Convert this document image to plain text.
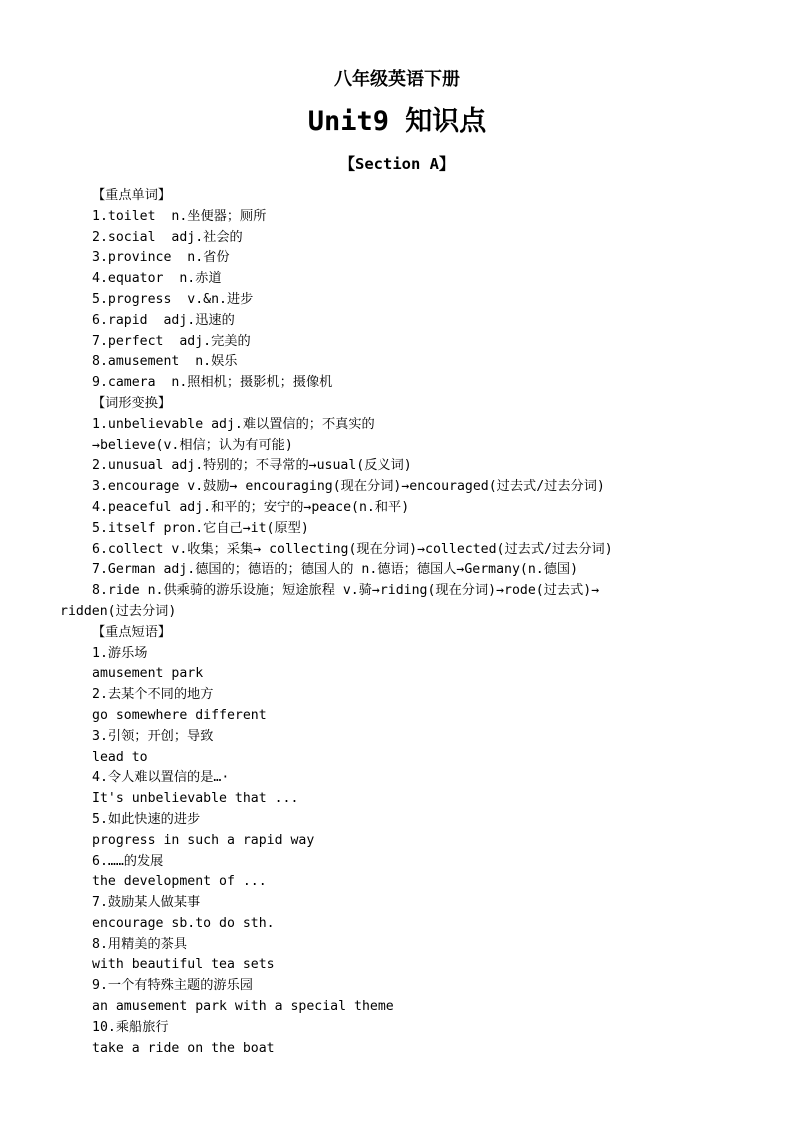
八年级英语下册
Unit9 知识点
【Section A】
【重点单词】
1.toilet  n.坐便器；厕所
2.social  adj.社会的
3.province  n.省份
4.equator  n.赤道
5.progress  v.&n.进步
6.rapid  adj.迅速的
7.perfect  adj.完美的
8.amusement  n.娱乐
9.camera  n.照相机；摄影机；摄像机
【词形变换】
1.unbelievable adj.难以置信的；不真实的
→believe(v.相信；认为有可能)
2.unusual adj.特别的；不寻常的→usual(反义词)
3.encourage v.鼓励→ encouraging(现在分词)→encouraged(过去式/过去分词)
4.peaceful adj.和平的；安宁的→peace(n.和平)
5.itself pron.它自己→it(原型)
6.collect v.收集；采集→ collecting(现在分词)→collected(过去式/过去分词)
7.German adj.德国的；德语的；德国人的 n.德语；德国人→Germany(n.德国)
8.ride n.供乘骑的游乐设施；短途旅程 v.骑→riding(现在分词)→rode(过去式)→
ridden(过去分词)
【重点短语】
1.游乐场
amusement park
2.去某个不同的地方
go somewhere different
3.引领；开创；导致
lead to
4.令人难以置信的是…·
It's unbelievable that ...
5.如此快速的进步
progress in such a rapid way
6.……的发展
the development of ...
7.鼓励某人做某事
encourage sb.to do sth.
8.用精美的茶具
with beautiful tea sets
9.一个有特殊主题的游乐园
an amusement park with a special theme
10.乘船旅行
take a ride on the boat
